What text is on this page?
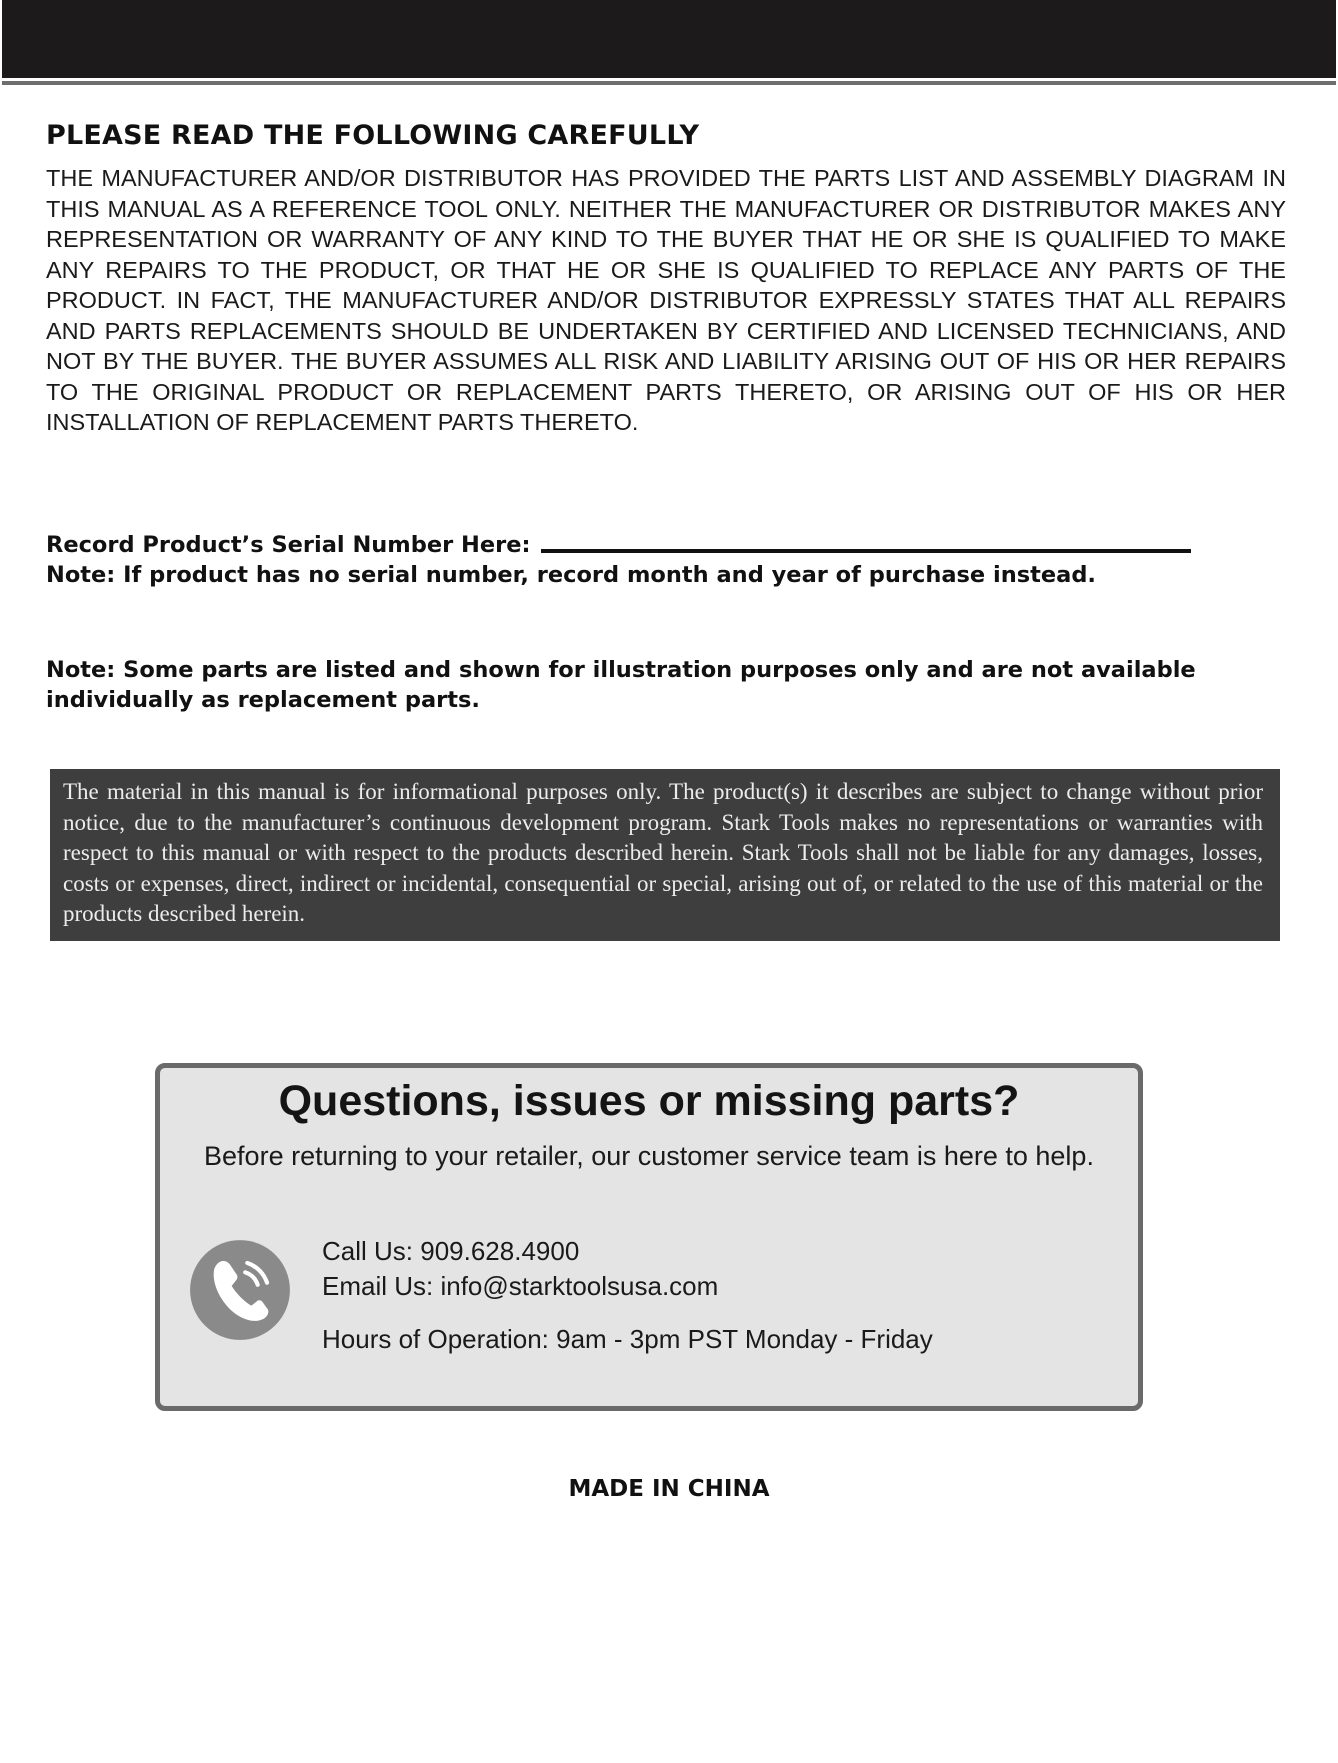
PLEASE READ THE FOLLOWING CAREFULLY

THE MANUFACTURER AND/OR DISTRIBUTOR HAS PROVIDED THE PARTS LIST AND ASSEMBLY DIAGRAM IN THIS MANUAL AS A REFERENCE TOOL ONLY. NEITHER THE MANUFACTURER OR DISTRIBUTOR MAKES ANY REPRESENTATION OR WARRANTY OF ANY KIND TO THE BUYER THAT HE OR SHE IS QUALIFIED TO MAKE ANY REPAIRS TO THE PRODUCT, OR THAT HE OR SHE IS QUALIFIED TO REPLACE ANY PARTS OF THE PRODUCT. IN FACT, THE MANUFACTURER AND/OR DISTRIBUTOR EXPRESSLY STATES THAT ALL REPAIRS AND PARTS REPLACEMENTS SHOULD BE UNDERTAKEN BY CERTIFIED AND LICENSED TECHNICIANS, AND NOT BY THE BUYER. THE BUYER ASSUMES ALL RISK AND LIABILITY ARISING OUT OF HIS OR HER REPAIRS TO THE ORIGINAL PRODUCT OR REPLACEMENT PARTS THERETO, OR ARISING OUT OF HIS OR HER INSTALLATION OF REPLACEMENT PARTS THERETO.

Record Product’s Serial Number Here:

Note: If product has no serial number, record month and year of purchase instead.

Note: Some parts are listed and shown for illustration purposes only and are not available individually as replacement parts.

The material in this manual is for informational purposes only. The product(s) it describes are subject to change without prior notice, due to the manufacturer’s continuous development program. Stark Tools makes no representations or warranties with respect to this manual or with respect to the products described herein. Stark Tools shall not be liable for any damages, losses, costs or expenses, direct, indirect or incidental, consequential or special, arising out of, or related to the use of this material or the products described herein.

Questions, issues or missing parts?

Before returning to your retailer, our customer service team is here to help.

Call Us: 909.628.4900

Email Us: info@starktoolsusa.com

Hours of Operation: 9am - 3pm PST Monday - Friday

MADE IN CHINA
